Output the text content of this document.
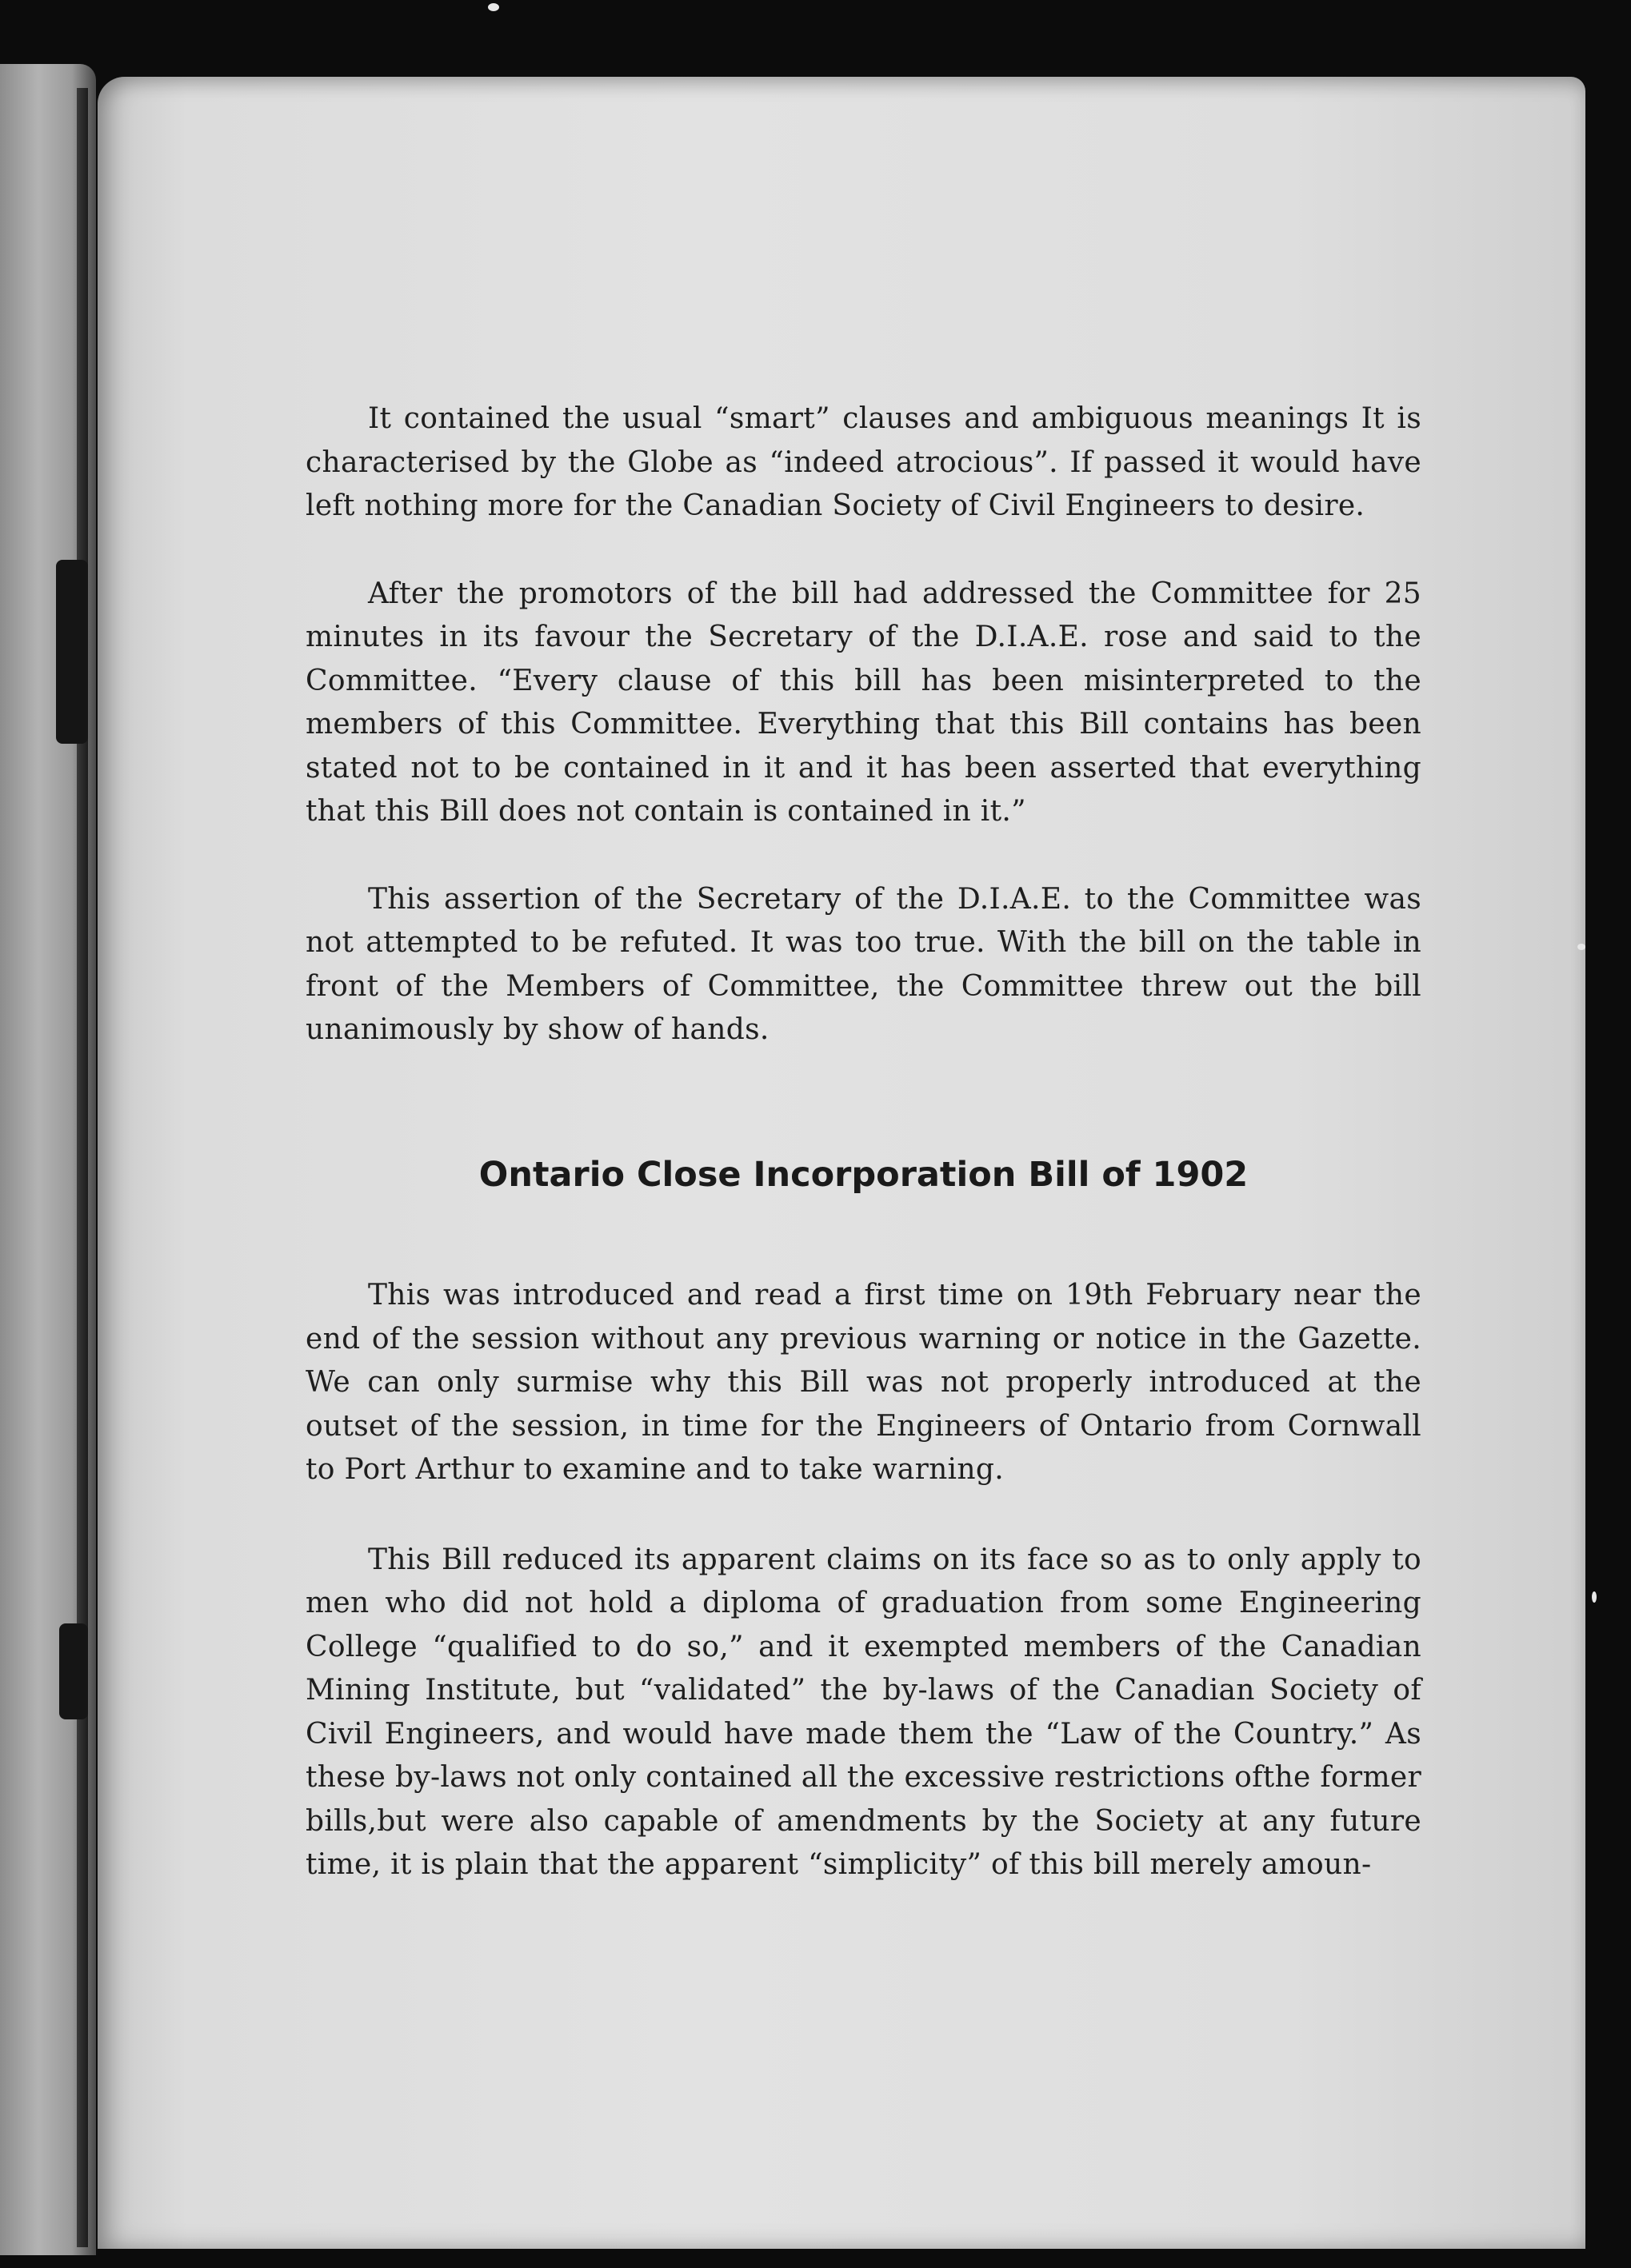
It contained the usual “smart” clauses and ambiguous meanings It is characterised by the Globe as “indeed atrocious”. If passed it would have left nothing more for the Canadian Society of Civil Engineers to desire.

After the promotors of the bill had addressed the Committee for 25 minutes in its favour the Secretary of the D.I.A.E. rose and said to the Committee. “Every clause of this bill has been misinterpreted to the members of this Committee. Everything that this Bill contains has been stated not to be contained in it and it has been asserted that everything that this Bill does not contain is contained in it.”

This assertion of the Secretary of the D.I.A.E. to the Committee was not attempted to be refuted. It was too true. With the bill on the table in front of the Members of Committee, the Committee threw out the bill unanimously by show of hands.

Ontario Close Incorporation Bill of 1902

This was introduced and read a first time on 19th February near the end of the session without any previous warning or notice in the Gazette. We can only surmise why this Bill was not properly introduced at the outset of the session, in time for the Engineers of Ontario from Cornwall to Port Arthur to examine and to take warning.

This Bill reduced its apparent claims on its face so as to only apply to men who did not hold a diploma of graduation from some Engineering College “qualified to do so,” and it exempted members of the Canadian Mining Institute, but “validated” the by-laws of the Canadian Society of Civil Engineers, and would have made them the “Law of the Country.” As these by-laws not only contained all the excessive restrictions ofthe former bills,but were also capable of amendments by the Society at any future time, it is plain that the apparent “simplicity” of this bill merely amoun-
